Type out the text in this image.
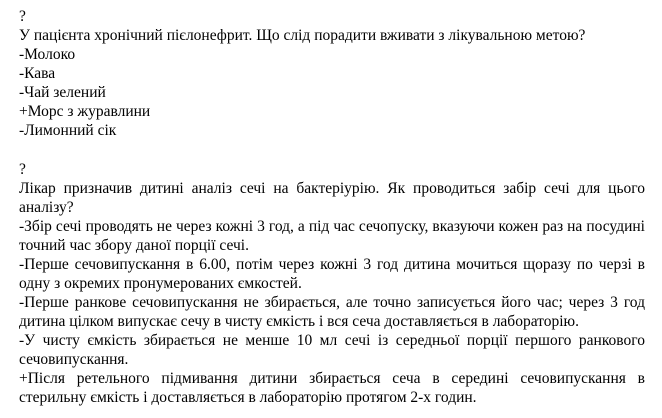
?
У пацієнта хронічний пієлонефрит. Що слід порадити вживати з лікувальною метою?
-Молоко
-Кава
-Чай зелений
+Морс з журавлини
-Лимонний сік
?
Лікар призначив дитині аналіз сечі на бактеріурію. Як проводиться забір сечі для цього аналізу?
-Збір сечі проводять не через кожні 3 год, а під час сечопуску, вказуючи кожен раз на посудині точний час збору даної порції сечі.
-Перше сечовипускання в 6.00, потім через кожні 3 год дитина мочиться щоразу по черзі в одну з окремих пронумерованих ємкостей.
-Перше ранкове сечовипускання не збирається, але точно записується його час; через 3 год дитина цілком випускає сечу в чисту ємкість і вся сеча доставляється в лабораторію.
-У чисту ємкість збирається не менше 10 мл сечі із середньої порції першого ранкового сечовипускання.
+Після ретельного підмивання дитини збирається сеча в середині сечовипускання в стерильну ємкість і доставляється в лабораторію протягом 2-х годин.
